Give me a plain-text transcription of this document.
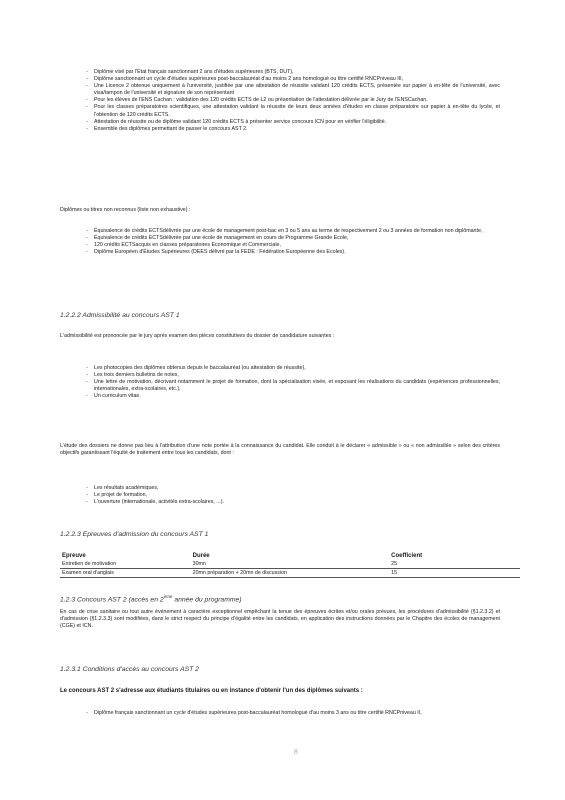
- Diplôme visé par l'Etat français sanctionnant 2 ans d'études supérieures (BTS, DUT),
- Diplôme sanctionnant un cycle d'études supérieures post-baccalauréat d'au moins 2 ans homologué ou titre certifié RNCPniveau III,
- Une Licence 2 obtenue uniquement à l'université, justifiée par une attestation de réussite validant 120 crédits ECTS, présentée sur papier à en-tête de l'université, avec visa/tampon de l'université et signature de son représentant
- Pour les élèves de l'ENS Cachan : validation des 120 crédits ECTS de L2 ou présentation de l'attestation délivrée par le Jury de l'ENSCachan.
- Pour les classes préparatoires scientifiques, une attestation validant la réussite de leurs deux années d'études en classe préparatoire sur papier à en-tête du lycée, et l'obtention de 120 crédits ECTS.
- Attestation de réussite ou de diplôme validant 120 crédits ECTS à présenter service concours ICN pour en vérifier l'éligibilité.
- Ensemble des diplômes permettant de passer le concours AST 2.
Diplômes ou titres non reconnus (liste non exhaustive) :
- Équivalence de crédits ECTSdélivrée par une école de management post-bac en 3 ou 5 ans au terme de respectivement 2 ou 3 années de formation non diplômante,
- Équivalence de crédits ECTSdélivrée par une école de management en cours de Programme Grande Ecole,
- 120 crédits ECTSacquis en classes préparatoires Economique et Commerciale,
- Diplôme Européen d'Études Supérieures (DEES délivré par la FEDE : Fédération Européenne des Ecoles).
1.2.2.2 Admissibilité au concours AST 1
L'admissibilité est prononcée par le jury après examen des pièces constitutives du dossier de candidature suivantes :
- Les photocopies des diplômes obtenus depuis le baccalauréat (ou attestation de réussite),
- Les trois derniers bulletins de notes,
- Une lettre de motivation, décrivant notamment le projet de formation, dont la spécialisation visée, et exposant les réalisations du candidats (expériences professionnelles, internationales, extra-scolaires, etc.),
- Un curriculum vitae.
L'étude des dossiers ne donne pas lieu à l'attribution d'une note portée à la connaissance du candidat. Elle conduit à le déclarer « admissible » ou « non admissible » selon des critères objectifs garantissant l'équité de traitement entre tous les candidats, dont :
- Les résultats académiques,
- Le projet de formation,
- L'ouverture (internationale, activités extra-scolaires, ...).
1.2.2.3 Epreuves d'admission du concours AST 1
Epreuve	Durée	Coefficient
Entretien de motivation	30mn	25
Examen oral d'anglais	20mn préparation + 20mn de discussion	15
1.2.3 Concours AST 2 (accès en 2ème année du programme)
En cas de crise sanitaire ou tout autre événement à caractère exceptionnel empêchant la tenue des épreuves écrites et/ou orales prévues, les procédures d'admissibilité (§1.2.3.2) et d'admission (§1.2.3.3) sont modifiées, dans le strict respect du principe d'égalité entre les candidats, en application des instructions données par le Chapitre des écoles de management (CGE) et ICN.
1.2.3.1 Conditions d'accès au concours AST 2
Le concours AST 2 s'adresse aux étudiants titulaires ou en instance d'obtenir l'un des diplômes suivants :
- Diplôme français sanctionnant un cycle d'études supérieures post-baccalauréat homologué d'au moins 3 ans ou titre certifié RNCPniveau II,
8
